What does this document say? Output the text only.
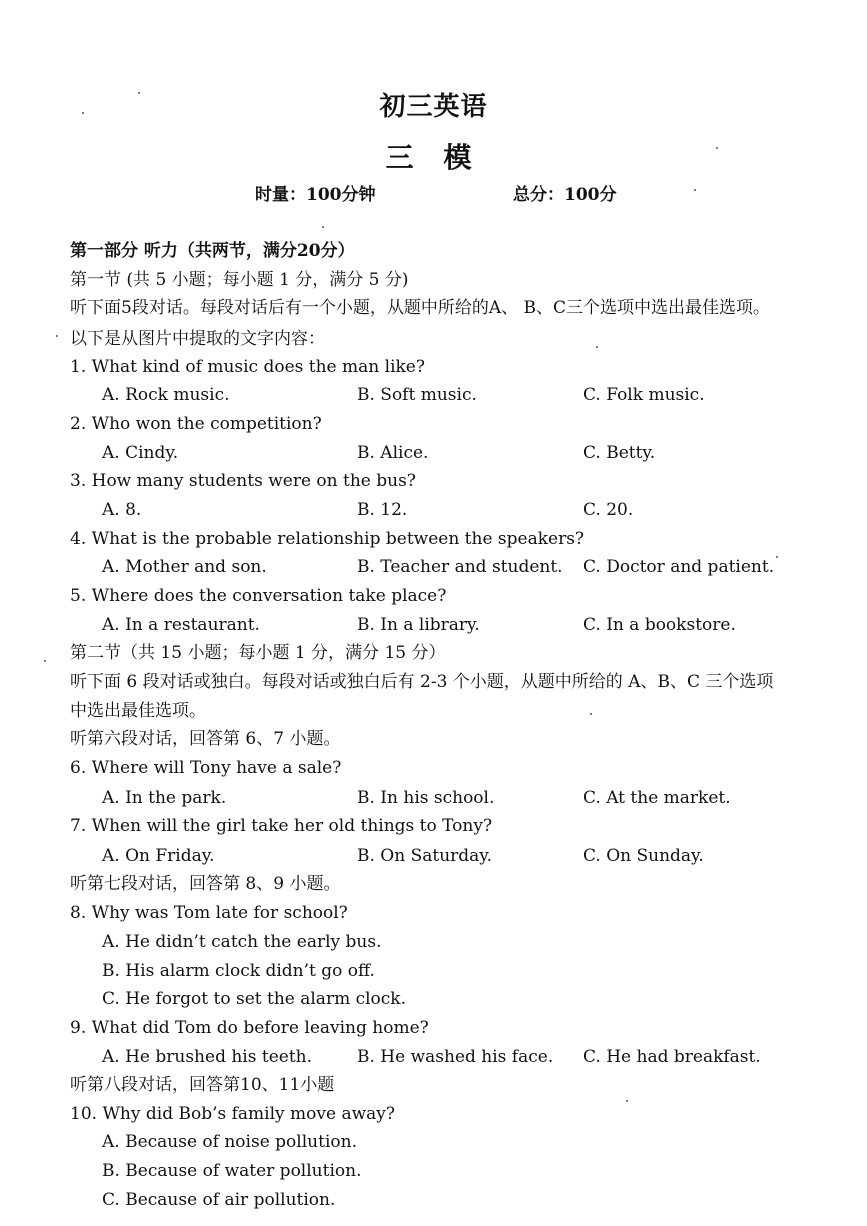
初三英语
三 模
时量：100分钟	总分：100分
第一部分 听力（共两节，满分20分）
第一节 (共 5 小题；每小题 1 分，满分 5 分)
听下面5段对话。每段对话后有一个小题，从题中所给的A、 B、C三个选项中选出最佳选项。
以下是从图片中提取的文字内容：
1. What kind of music does the man like?
A. Rock music.	B. Soft music.	C. Folk music.
2. Who won the competition?
A. Cindy.	B. Alice.	C. Betty.
3. How many students were on the bus?
A. 8.	B. 12.	C. 20.
4. What is the probable relationship between the speakers?
A. Mother and son.	B. Teacher and student. C. Doctor and patient.
5. Where does the conversation take place?
A. In a restaurant.	B. In a library.	C. In a bookstore.
第二节（共 15 小题；每小题 1 分，满分 15 分）
听下面 6 段对话或独白。每段对话或独白后有 2-3 个小题，从题中所给的 A、B、C 三个选项
中选出最佳选项。
听第六段对话，回答第 6、7 小题。
6. Where will Tony have a sale?
A. In the park.	B. In his school.	C. At the market.
7. When will the girl take her old things to Tony?
A. On Friday.	B. On Saturday.	C. On Sunday.
听第七段对话，回答第 8、9 小题。
8. Why was Tom late for school?
A. He didn’t catch the early bus.
B. His alarm clock didn’t go off.
C. He forgot to set the alarm clock.
9. What did Tom do before leaving home?
A. He brushed his teeth.	B. He washed his face. C. He had breakfast.
听第八段对话，回答第10、11小题
10. Why did Bob’s family move away?
A. Because of noise pollution.
B. Because of water pollution.
C. Because of air pollution.
